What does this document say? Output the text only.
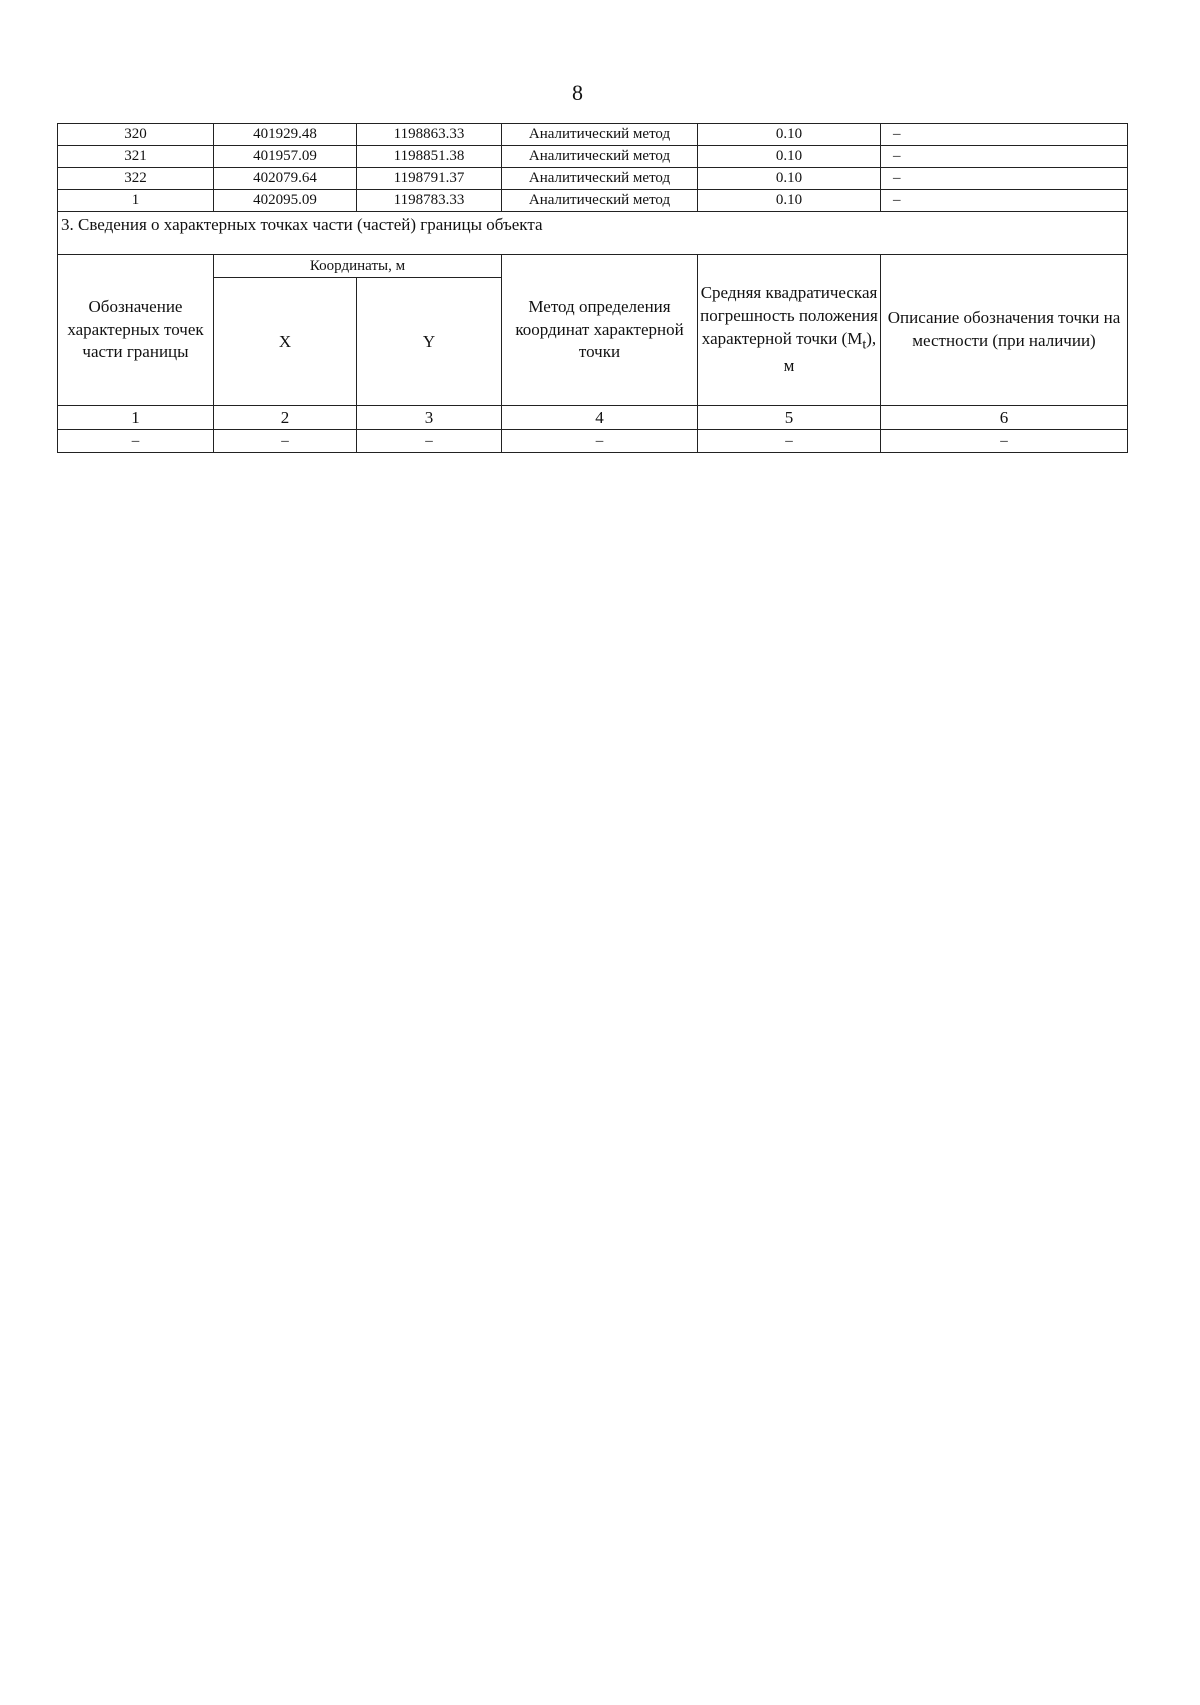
8
320	401929.48	1198863.33	Аналитический метод	0.10	–
321	401957.09	1198851.38	Аналитический метод	0.10	–
322	402079.64	1198791.37	Аналитический метод	0.10	–
1	402095.09	1198783.33	Аналитический метод	0.10	–
3. Сведения о характерных точках части (частей) границы объекта					
Обозначение характерных точек части границы	Координаты, м		Метод определения координат характерной точки	Средняя квадратическая погрешность положения характерной точки $(M_t)$, м	Описание обозначения точки на местности (при наличии)
	X	Y			
1	2	3	4	5	6
–	–	–	–	–	–
